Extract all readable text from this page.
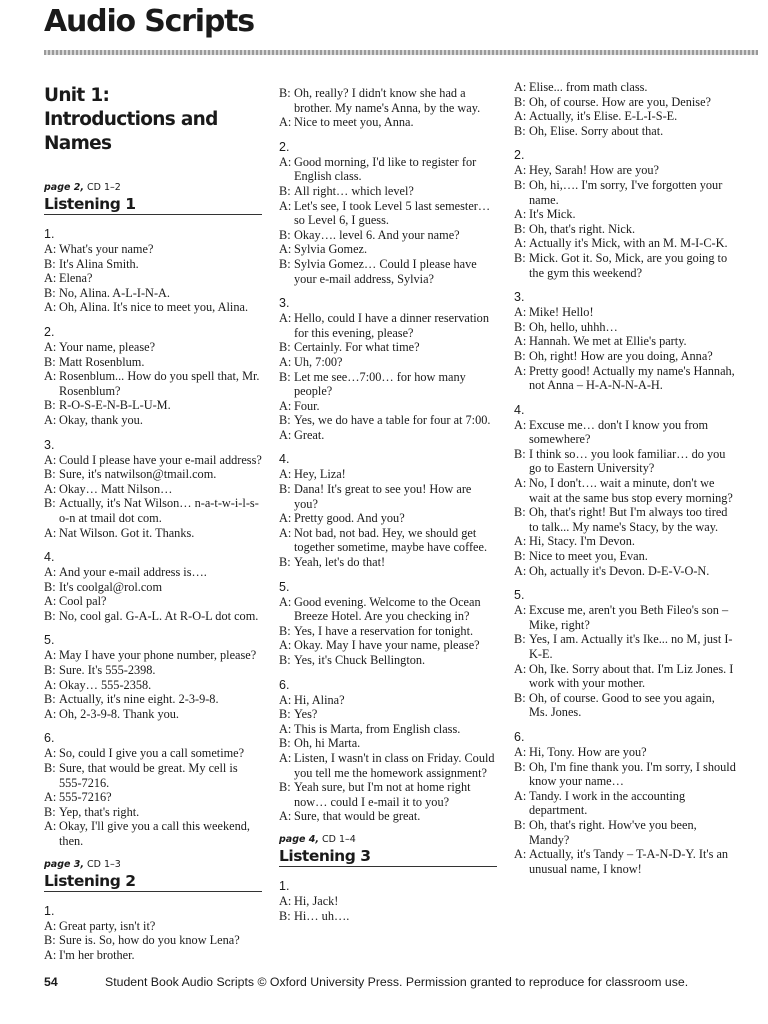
Audio Scripts
Unit 1: Introductions and Names
page 2, CD 1–2
Listening 1
1.
A: What's your name?
B: It's Alina Smith.
A: Elena?
B: No, Alina. A-L-I-N-A.
A: Oh, Alina. It's nice to meet you, Alina.
2.
A: Your name, please?
B: Matt Rosenblum.
A: Rosenblum... How do you spell that, Mr. Rosenblum?
B: R-O-S-E-N-B-L-U-M.
A: Okay, thank you.
3.
A: Could I please have your e-mail address?
B: Sure, it's natwilson@tmail.com.
A: Okay… Matt Nilson…
B: Actually, it's Nat Wilson… n-a-t-w-i-l-s-o-n at tmail dot com.
A: Nat Wilson. Got it. Thanks.
4.
A: And your e-mail address is….
B: It's coolgal@rol.com
A: Cool pal?
B: No, cool gal. G-A-L. At R-O-L dot com.
5.
A: May I have your phone number, please?
B: Sure. It's 555-2398.
A: Okay… 555-2358.
B: Actually, it's nine eight. 2-3-9-8.
A: Oh, 2-3-9-8. Thank you.
6.
A: So, could I give you a call sometime?
B: Sure, that would be great. My cell is 555-7216.
A: 555-7216?
B: Yep, that's right.
A: Okay, I'll give you a call this weekend, then.
page 3, CD 1–3
Listening 2
1.
A: Great party, isn't it?
B: Sure is. So, how do you know Lena?
A: I'm her brother.
B: Oh, really? I didn't know she had a brother. My name's Anna, by the way.
A: Nice to meet you, Anna.
2.
A: Good morning, I'd like to register for English class.
B: All right… which level?
A: Let's see, I took Level 5 last semester… so Level 6, I guess.
B: Okay…. level 6. And your name?
A: Sylvia Gomez.
B: Sylvia Gomez… Could I please have your e-mail address, Sylvia?
3.
A: Hello, could I have a dinner reservation for this evening, please?
B: Certainly. For what time?
A: Uh, 7:00?
B: Let me see…7:00… for how many people?
A: Four.
B: Yes, we do have a table for four at 7:00.
A: Great.
4.
A: Hey, Liza!
B: Dana! It's great to see you! How are you?
A: Pretty good. And you?
A: Not bad, not bad. Hey, we should get together sometime, maybe have coffee.
B: Yeah, let's do that!
5.
A: Good evening. Welcome to the Ocean Breeze Hotel. Are you checking in?
B: Yes, I have a reservation for tonight.
A: Okay. May I have your name, please?
B: Yes, it's Chuck Bellington.
6.
A: Hi, Alina?
B: Yes?
A: This is Marta, from English class.
B: Oh, hi Marta.
A: Listen, I wasn't in class on Friday. Could you tell me the homework assignment?
B: Yeah sure, but I'm not at home right now… could I e-mail it to you?
A: Sure, that would be great.
page 4, CD 1–4
Listening 3
1.
A: Hi, Jack!
B: Hi… uh….
A: Elise... from math class.
B: Oh, of course. How are you, Denise?
A: Actually, it's Elise. E-L-I-S-E.
B: Oh, Elise. Sorry about that.
2.
A: Hey, Sarah! How are you?
B: Oh, hi,…. I'm sorry, I've forgotten your name.
A: It's Mick.
B: Oh, that's right. Nick.
A: Actually it's Mick, with an M. M-I-C-K.
B: Mick. Got it. So, Mick, are you going to the gym this weekend?
3.
A: Mike! Hello!
B: Oh, hello, uhhh…
A: Hannah. We met at Ellie's party.
B: Oh, right! How are you doing, Anna?
A: Pretty good! Actually my name's Hannah, not Anna – H-A-N-N-A-H.
4.
A: Excuse me… don't I know you from somewhere?
B: I think so… you look familiar… do you go to Eastern University?
A: No, I don't…. wait a minute, don't we wait at the same bus stop every morning?
B: Oh, that's right! But I'm always too tired to talk... My name's Stacy, by the way.
A: Hi, Stacy. I'm Devon.
B: Nice to meet you, Evan.
A: Oh, actually it's Devon. D-E-V-O-N.
5.
A: Excuse me, aren't you Beth Fileo's son – Mike, right?
B: Yes, I am. Actually it's Ike... no M, just I-K-E.
A: Oh, Ike. Sorry about that. I'm Liz Jones. I work with your mother.
B: Oh, of course. Good to see you again, Ms. Jones.
6.
A: Hi, Tony. How are you?
B: Oh, I'm fine thank you. I'm sorry, I should know your name…
A: Tandy. I work in the accounting department.
B: Oh, that's right. How've you been, Mandy?
A: Actually, it's Tandy – T-A-N-D-Y. It's an unusual name, I know!
54	Student Book Audio Scripts © Oxford University Press. Permission granted to reproduce for classroom use.
